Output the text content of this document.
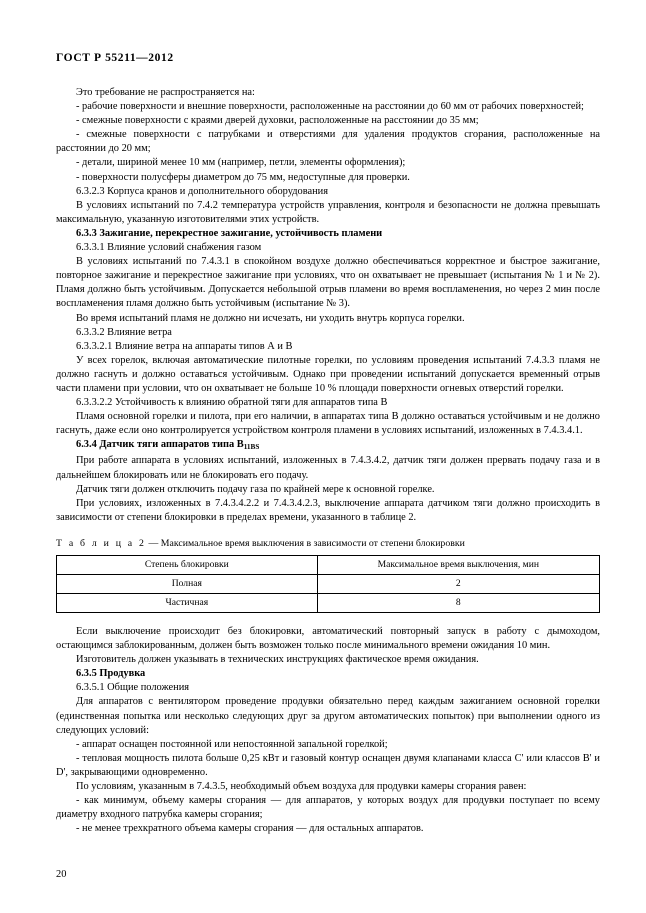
ГОСТ Р 55211—2012

Это требование не распространяется на:

- рабочие поверхности и внешние поверхности, расположенные на расстоянии до 60 мм от рабочих поверхностей;

- смежные поверхности с краями дверей духовки, расположенные на расстоянии до 35 мм;

- смежные поверхности с патрубками и отверстиями для удаления продуктов сгорания, расположенные на расстоянии до 20 мм;

- детали, шириной менее 10 мм (например, петли, элементы оформления);

- поверхности полусферы диаметром до 75 мм, недоступные для проверки.

6.3.2.3 Корпуса кранов и дополнительного оборудования

В условиях испытаний по 7.4.2 температура устройств управления, контроля и безопасности не должна превышать максимальную, указанную изготовителями этих устройств.

6.3.3 Зажигание, перекрестное зажигание, устойчивость пламени

6.3.3.1 Влияние условий снабжения газом

В условиях испытаний по 7.4.3.1 в спокойном воздухе должно обеспечиваться корректное и быстрое зажигание, повторное зажигание и перекрестное зажигание при условиях, что он охватывает не превышает (испытания № 1 и № 2). Пламя должно быть устойчивым. Допускается небольшой отрыв пламени во время воспламенения, но через 2 мин после воспламенения пламя должно быть устойчивым (испытание № 3).

Во время испытаний пламя не должно ни исчезать, ни уходить внутрь корпуса горелки.

6.3.3.2 Влияние ветра

6.3.3.2.1 Влияние ветра на аппараты типов А и В

У всех горелок, включая автоматические пилотные горелки, по условиям проведения испытаний 7.4.3.3 пламя не должно гаснуть и должно оставаться устойчивым. Однако при проведении испытаний допускается временный отрыв части пламени при условии, что он охватывает не больше 10 % площади поверхности огневых отверстий горелки.

6.3.3.2.2 Устойчивость к влиянию обратной тяги для аппаратов типа В

Пламя основной горелки и пилота, при его наличии, в аппаратах типа В должно оставаться устойчивым и не должно гаснуть, даже если оно контролируется устройством контроля пламени в условиях испытаний, изложенных в 7.4.3.4.1.

6.3.4 Датчик тяги аппаратов типа $В_{11BS}$

При работе аппарата в условиях испытаний, изложенных в 7.4.3.4.2, датчик тяги должен прервать подачу газа и в дальнейшем блокировать или не блокировать его подачу.

Датчик тяги должен отключить подачу газа по крайней мере к основной горелке.

При условиях, изложенных в 7.4.3.4.2.2 и 7.4.3.4.2.3, выключение аппарата датчиком тяги должно происходить в зависимости от степени блокировки в пределах времени, указанного в таблице 2.

Т а б л и ц а 2 — Максимальное время выключения в зависимости от степени блокировки
Степень блокировки	Максимальное время выключения, мин
Полная	2
Частичная	8

Если выключение происходит без блокировки, автоматический повторный запуск в работу с дымоходом, остающимся заблокированным, должен быть возможен только после минимального времени ожидания 10 мин.

Изготовитель должен указывать в технических инструкциях фактическое время ожидания.

6.3.5 Продувка

6.3.5.1 Общие положения

Для аппаратов с вентилятором проведение продувки обязательно перед каждым зажиганием основной горелки (единственная попытка или несколько следующих друг за другом автоматических попыток) при выполнении одного из следующих условий:

- аппарат оснащен постоянной или непостоянной запальной горелкой;

- тепловая мощность пилота больше 0,25 кВт и газовый контур оснащен двумя клапанами класса С' или классов В' и D', закрывающими одновременно.

По условиям, указанным в 7.4.3.5, необходимый объем воздуха для продувки камеры сгорания равен:

- как минимум, объему камеры сгорания — для аппаратов, у которых воздух для продувки поступает по всему диаметру входного патрубка камеры сгорания;

- не менее трехкратного объема камеры сгорания — для остальных аппаратов.

20
